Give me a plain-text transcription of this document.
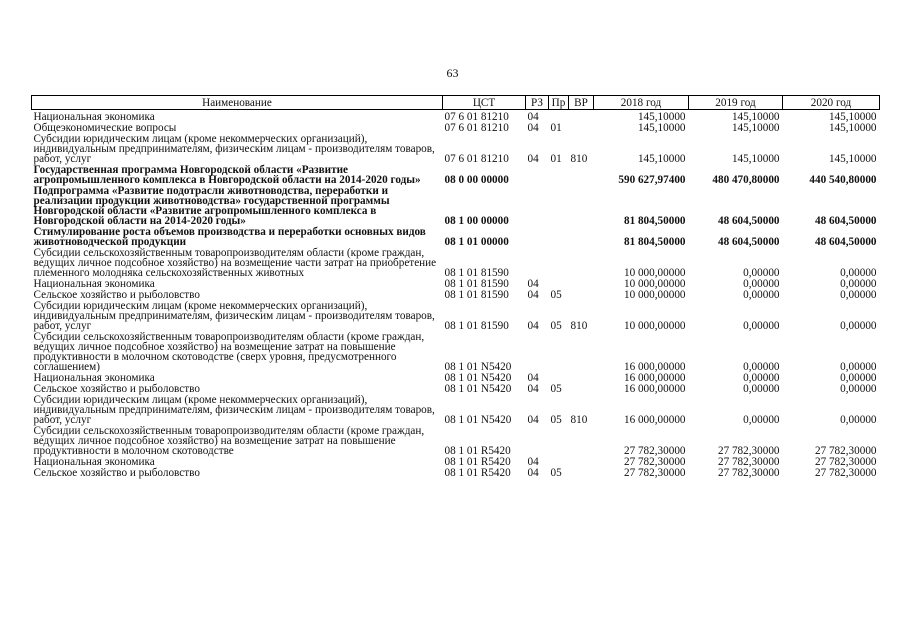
63
Наименование	ЦСТ	РЗ	Пр	ВР	2018 год	2019 год	2020 год
Национальная экономика	07 6 01 81210	04			145,10000	145,10000	145,10000
Общеэкономические вопросы	07 6 01 81210	04	01		145,10000	145,10000	145,10000
Субсидии юридическим лицам (кроме некоммерческих организаций), индивидуальным предпринимателям, физическим лицам - производителям товаров, работ, услуг	07 6 01 81210	04	01	810	145,10000	145,10000	145,10000
Государственная программа Новгородской области «Развитие агропромышленного комплекса в Новгородской области на 2014-2020 годы»	08 0 00 00000				590 627,97400	480 470,80000	440 540,80000
Подпрограмма «Развитие подотрасли животноводства, переработки и реализации продукции животноводства» государственной программы Новгородской области «Развитие агропромышленного комплекса в Новгородской области на 2014-2020 годы»	08 1 00 00000				81 804,50000	48 604,50000	48 604,50000
Стимулирование роста объемов производства и переработки основных видов животноводческой продукции	08 1 01 00000				81 804,50000	48 604,50000	48 604,50000
Субсидии сельскохозяйственным товаропроизводителям области (кроме граждан, ведущих личное подсобное хозяйство) на возмещение части затрат на приобретение племенного молодняка сельскохозяйственных животных	08 1 01 81590				10 000,00000	0,00000	0,00000
Национальная экономика	08 1 01 81590	04			10 000,00000	0,00000	0,00000
Сельское хозяйство и рыболовство	08 1 01 81590	04	05		10 000,00000	0,00000	0,00000
Субсидии юридическим лицам (кроме некоммерческих организаций), индивидуальным предпринимателям, физическим лицам - производителям товаров, работ, услуг	08 1 01 81590	04	05	810	10 000,00000	0,00000	0,00000
Субсидии сельскохозяйственным товаропроизводителям области (кроме граждан, ведущих личное подсобное хозяйство) на возмещение затрат на повышение продуктивности в молочном скотоводстве (сверх уровня, предусмотренного соглашением)	08 1 01 N5420				16 000,00000	0,00000	0,00000
Национальная экономика	08 1 01 N5420	04			16 000,00000	0,00000	0,00000
Сельское хозяйство и рыболовство	08 1 01 N5420	04	05		16 000,00000	0,00000	0,00000
Субсидии юридическим лицам (кроме некоммерческих организаций), индивидуальным предпринимателям, физическим лицам - производителям товаров, работ, услуг	08 1 01 N5420	04	05	810	16 000,00000	0,00000	0,00000
Субсидии сельскохозяйственным товаропроизводителям области (кроме граждан, ведущих личное подсобное хозяйство) на возмещение затрат на повышение продуктивности в молочном скотоводстве	08 1 01 R5420				27 782,30000	27 782,30000	27 782,30000
Национальная экономика	08 1 01 R5420	04			27 782,30000	27 782,30000	27 782,30000
Сельское хозяйство и рыболовство	08 1 01 R5420	04	05		27 782,30000	27 782,30000	27 782,30000
